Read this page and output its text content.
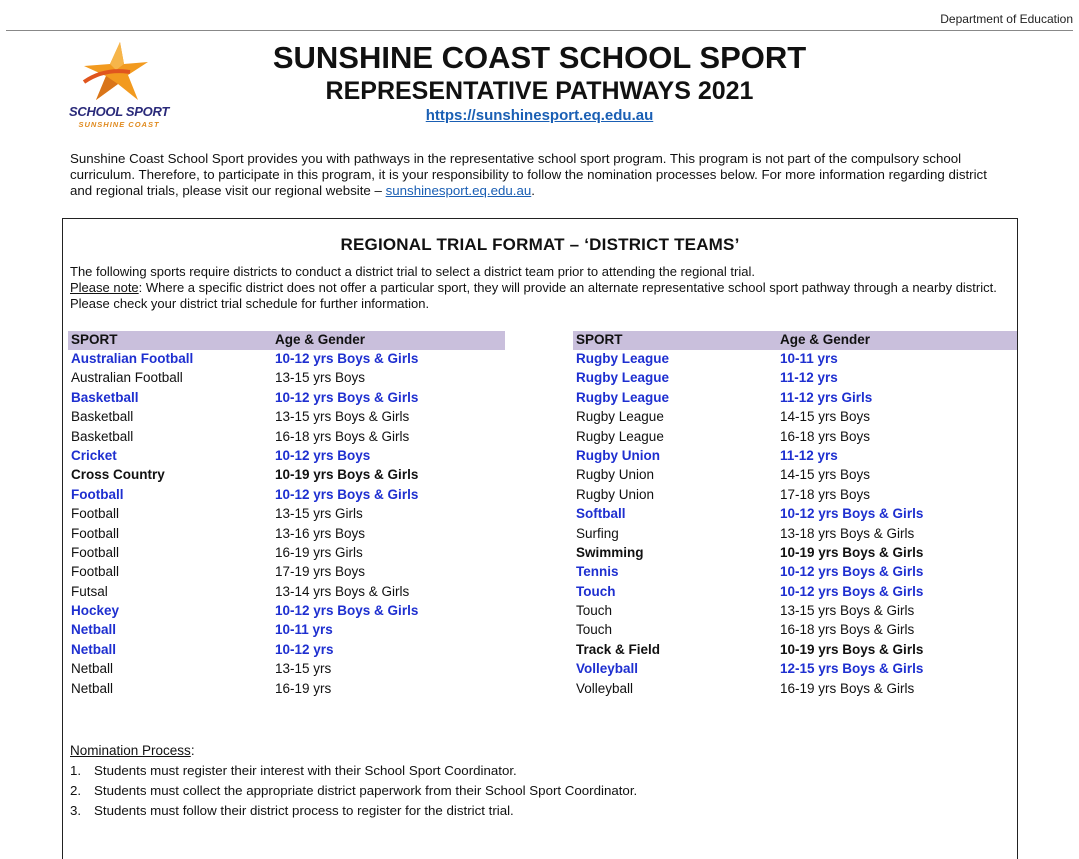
Department of Education
SCHOOL SPORT
SUNSHINE COAST
SUNSHINE COAST SCHOOL SPORT
REPRESENTATIVE PATHWAYS 2021
https://sunshinesport.eq.edu.au
Sunshine Coast School Sport provides you with pathways in the representative school sport program. This program is not part of the compulsory school curriculum. Therefore, to participate in this program, it is your responsibility to follow the nomination processes below. For more information regarding district and regional trials, please visit our regional website – sunshinesport.eq.edu.au.
REGIONAL TRIAL FORMAT – ‘DISTRICT TEAMS’
The following sports require districts to conduct a district trial to select a district team prior to attending the regional trial.
Please note: Where a specific district does not offer a particular sport, they will provide an alternate representative school sport pathway through a nearby district. Please check your district trial schedule for further information.
SPORT	Age & Gender
Australian Football	10-12 yrs Boys & Girls
Australian Football	13-15 yrs Boys
Basketball	10-12 yrs Boys & Girls
Basketball	13-15 yrs Boys & Girls
Basketball	16-18 yrs Boys & Girls
Cricket	10-12 yrs Boys
Cross Country	10-19 yrs Boys & Girls
Football	10-12 yrs Boys & Girls
Football	13-15 yrs Girls
Football	13-16 yrs Boys
Football	16-19 yrs Girls
Football	17-19 yrs Boys
Futsal	13-14 yrs Boys & Girls
Hockey	10-12 yrs Boys & Girls
Netball	10-11 yrs
Netball	10-12 yrs
Netball	13-15 yrs
Netball	16-19 yrs
SPORT	Age & Gender
Rugby League	10-11 yrs
Rugby League	11-12 yrs
Rugby League	11-12 yrs Girls
Rugby League	14-15 yrs Boys
Rugby League	16-18 yrs Boys
Rugby Union	11-12 yrs
Rugby Union	14-15 yrs Boys
Rugby Union	17-18 yrs Boys
Softball	10-12 yrs Boys & Girls
Surfing	13-18 yrs Boys & Girls
Swimming	10-19 yrs Boys & Girls
Tennis	10-12 yrs Boys & Girls
Touch	10-12 yrs Boys & Girls
Touch	13-15 yrs Boys & Girls
Touch	16-18 yrs Boys & Girls
Track & Field	10-19 yrs Boys & Girls
Volleyball	12-15 yrs Boys & Girls
Volleyball	16-19 yrs Boys & Girls
Nomination Process:
1. Students must register their interest with their School Sport Coordinator.
2. Students must collect the appropriate district paperwork from their School Sport Coordinator.
3. Students must follow their district process to register for the district trial.
